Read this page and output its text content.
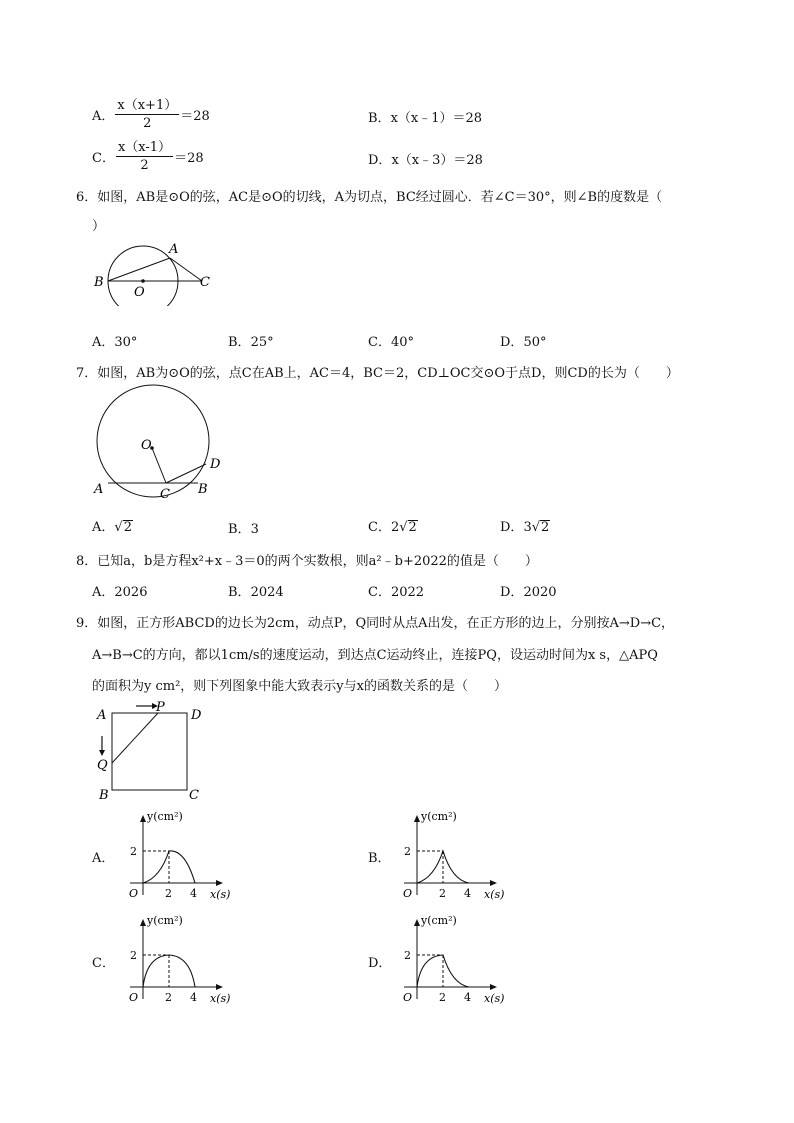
A． $\frac{x(x+1)}{2} =28$	B．x（x﹣1）＝28
C． $\frac{x(x-1)}{2} =28$	D．x（x﹣3）＝28
6．如图，AB是⊙O的弦，AC是⊙O的切线，A为切点，BC经过圆心．若∠C＝30°，则∠B的度数是（
）
A
B
O
C
A．30°	B．25°	C．40°	D．50°
7．如图，AB为⊙O的弦，点C在AB上，AC＝4，BC＝2，CD⊥OC交⊙O于点D，则CD的长为（　　）
O
D
A	C B
A．√2	B．3	C．2√2	D．3√2
8．已知a，b是方程x²+x﹣3＝0的两个实数根，则a²﹣b+2022的值是（　　）
A．2026	B．2024	C．2022	D．2020
9．如图，正方形ABCD的边长为2cm，动点P，Q同时从点A出发，在正方形的边上，分别按A→D→C，
A→B→C的方向，都以1cm/s的速度运动，到达点C运动终止，连接PQ，设运动时间为x s，△APQ
的面积为y cm²，则下列图象中能大致表示y与x的函数关系的是（　　）
A
P
D
Q
B	C
A．	B．
C．	D．
y(cm²)
2
O 2 4 x(s)
y(cm²)
2
O 2 4 x(s)
y(cm²)
2
O 2 4 x(s)
y(cm²)
2
O 2 4 x(s)
